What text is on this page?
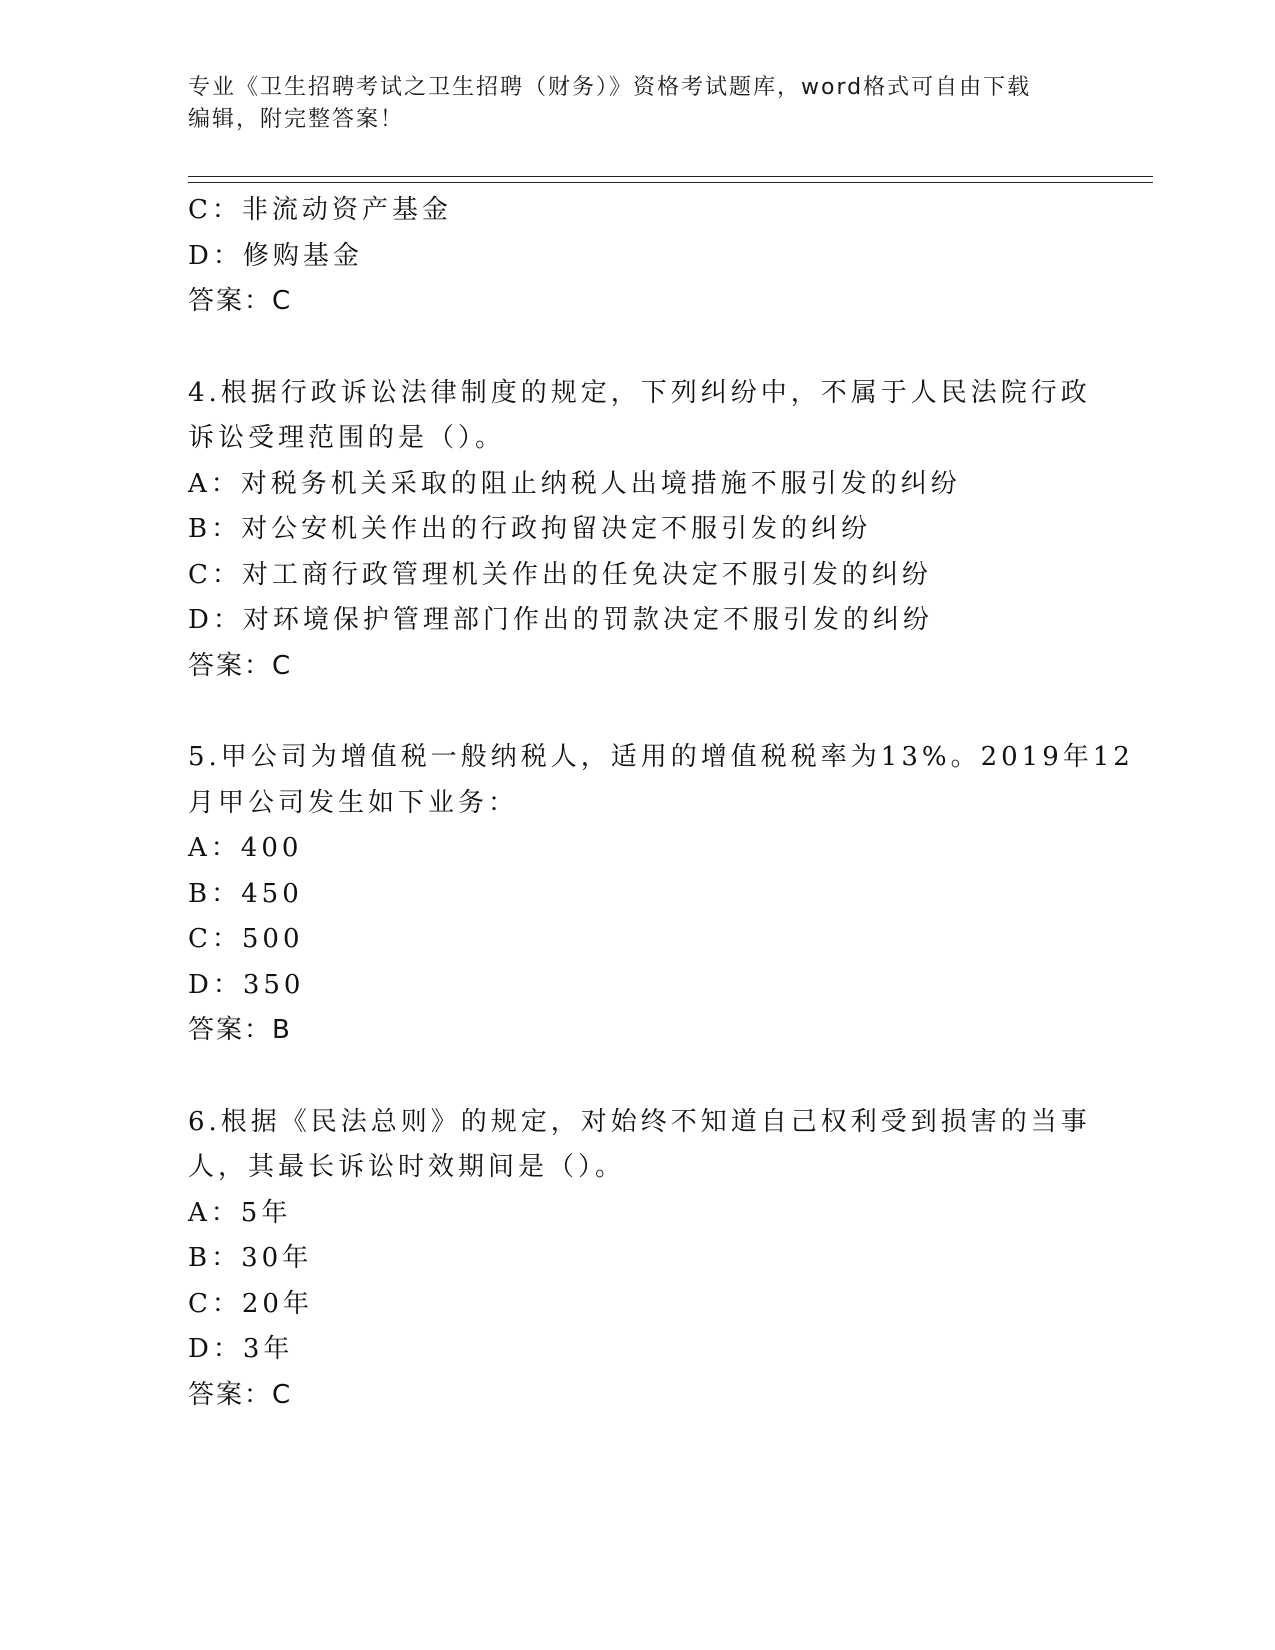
专业《卫生招聘考试之卫生招聘（财务）》资格考试题库，word格式可自由下载
编辑，附完整答案！
C：非流动资产基金
D：修购基金
答案：C
4.根据行政诉讼法律制度的规定，下列纠纷中，不属于人民法院行政
诉讼受理范围的是（）。
A：对税务机关采取的阻止纳税人出境措施不服引发的纠纷
B：对公安机关作出的行政拘留决定不服引发的纠纷
C：对工商行政管理机关作出的任免决定不服引发的纠纷
D：对环境保护管理部门作出的罚款决定不服引发的纠纷
答案：C
5.甲公司为增值税一般纳税人，适用的增值税税率为13%。2019年12
月甲公司发生如下业务：
A：400
B：450
C：500
D：350
答案：B
6.根据《民法总则》的规定，对始终不知道自己权利受到损害的当事
人，其最长诉讼时效期间是（）。
A：5年
B：30年
C：20年
D：3年
答案：C
